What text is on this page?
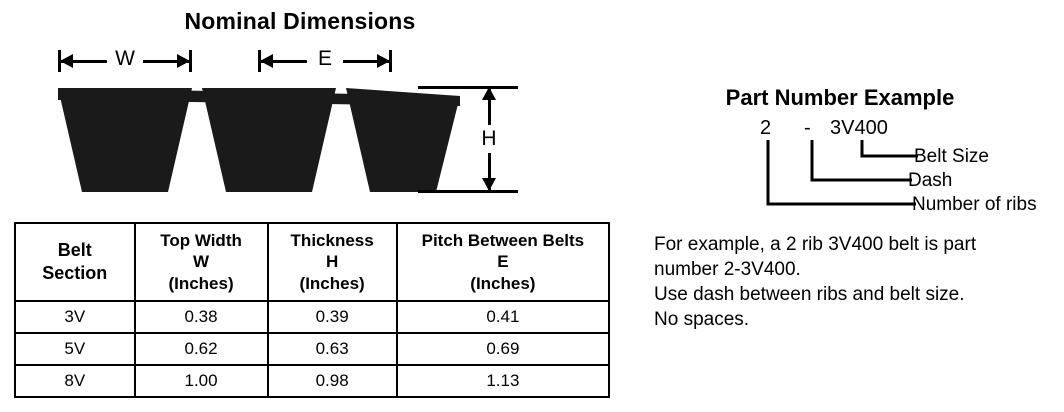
Nominal Dimensions
W	E
H
Belt
Section

Top Width
W
(Inches)

Thickness
H
(Inches)

Pitch Between Belts
E
(Inches)

3V	0.38	0.39	0.41
5V	0.62	0.63	0.69
8V	1.00	0.98	1.13
Part Number Example
2 - 3V400
Belt Size
Dash
Number of ribs
For example, a 2 rib 3V400 belt is part
number 2-3V400.
Use dash between ribs and belt size.
No spaces.
